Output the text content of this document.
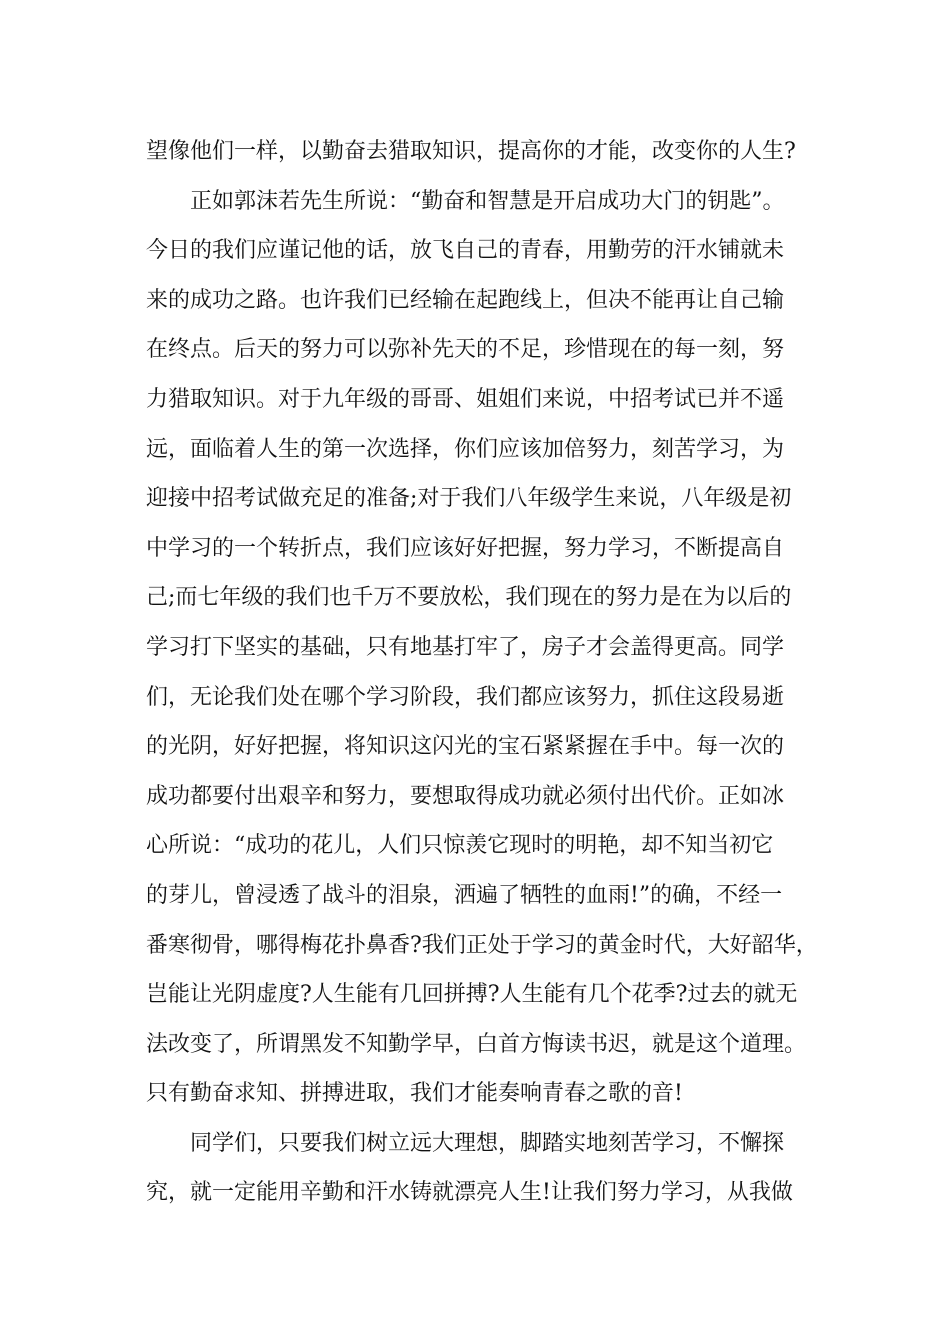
望像他们一样，以勤奋去猎取知识，提高你的才能，改变你的人生?
正如郭沫若先生所说：“勤奋和智慧是开启成功大门的钥匙”。
今日的我们应谨记他的话，放飞自己的青春，用勤劳的汗水铺就未
来的成功之路。也许我们已经输在起跑线上，但决不能再让自己输
在终点。后天的努力可以弥补先天的不足，珍惜现在的每一刻，努
力猎取知识。对于九年级的哥哥、姐姐们来说，中招考试已并不遥
远，面临着人生的第一次选择，你们应该加倍努力，刻苦学习，为
迎接中招考试做充足的准备;对于我们八年级学生来说，八年级是初
中学习的一个转折点，我们应该好好把握，努力学习，不断提高自
己;而七年级的我们也千万不要放松，我们现在的努力是在为以后的
学习打下坚实的基础，只有地基打牢了，房子才会盖得更高。同学
们，无论我们处在哪个学习阶段，我们都应该努力，抓住这段易逝
的光阴，好好把握，将知识这闪光的宝石紧紧握在手中。每一次的
成功都要付出艰辛和努力，要想取得成功就必须付出代价。正如冰
心所说：“成功的花儿，人们只惊羡它现时的明艳，却不知当初它
的芽儿，曾浸透了战斗的泪泉，洒遍了牺牲的血雨!”的确，不经一
番寒彻骨，哪得梅花扑鼻香?我们正处于学习的黄金时代，大好韶华，
岂能让光阴虚度?人生能有几回拼搏?人生能有几个花季?过去的就无
法改变了，所谓黑发不知勤学早，白首方悔读书迟，就是这个道理。
只有勤奋求知、拼搏进取，我们才能奏响青春之歌的音!
同学们，只要我们树立远大理想，脚踏实地刻苦学习，不懈探
究，就一定能用辛勤和汗水铸就漂亮人生!让我们努力学习，从我做
